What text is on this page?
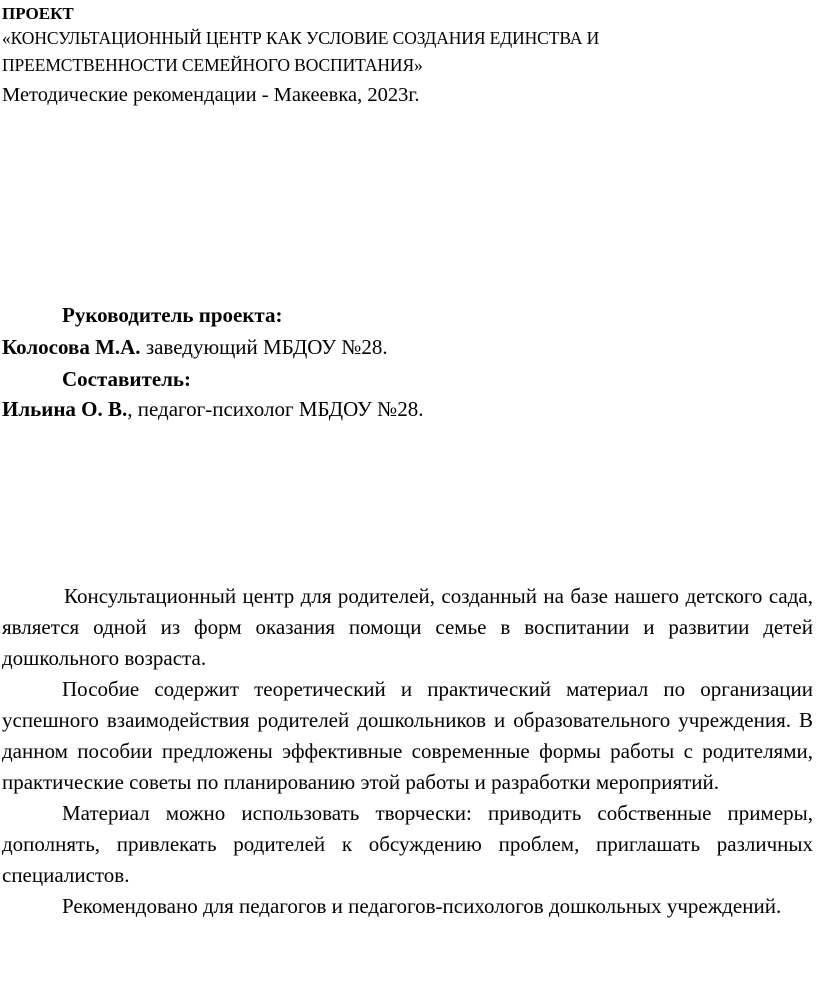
ПРОЕКТ
«КОНСУЛЬТАЦИОННЫЙ ЦЕНТР КАК УСЛОВИЕ СОЗДАНИЯ ЕДИНСТВА И
ПРЕЕМСТВЕННОСТИ СЕМЕЙНОГО ВОСПИТАНИЯ»
Методические рекомендации - Макеевка, 2023г.
Руководитель проекта:
Колосова М.А. заведующий МБДОУ №28.
Составитель:
Ильина О. В., педагог-психолог МБДОУ №28.

Консультационный центр для родителей, созданный на базе нашего детского сада, является одной из форм оказания помощи семье в воспитании и развитии детей дошкольного возраста.

Пособие содержит теоретический и практический материал по организации успешного взаимодействия родителей дошкольников и образовательного учреждения. В данном пособии предложены эффективные современные формы работы с родителями, практические советы по планированию этой работы и разработки мероприятий.

Материал можно использовать творчески: приводить собственные примеры, дополнять, привлекать родителей к обсуждению проблем, приглашать различных специалистов.

Рекомендовано для педагогов и педагогов-психологов дошкольных учреждений.
